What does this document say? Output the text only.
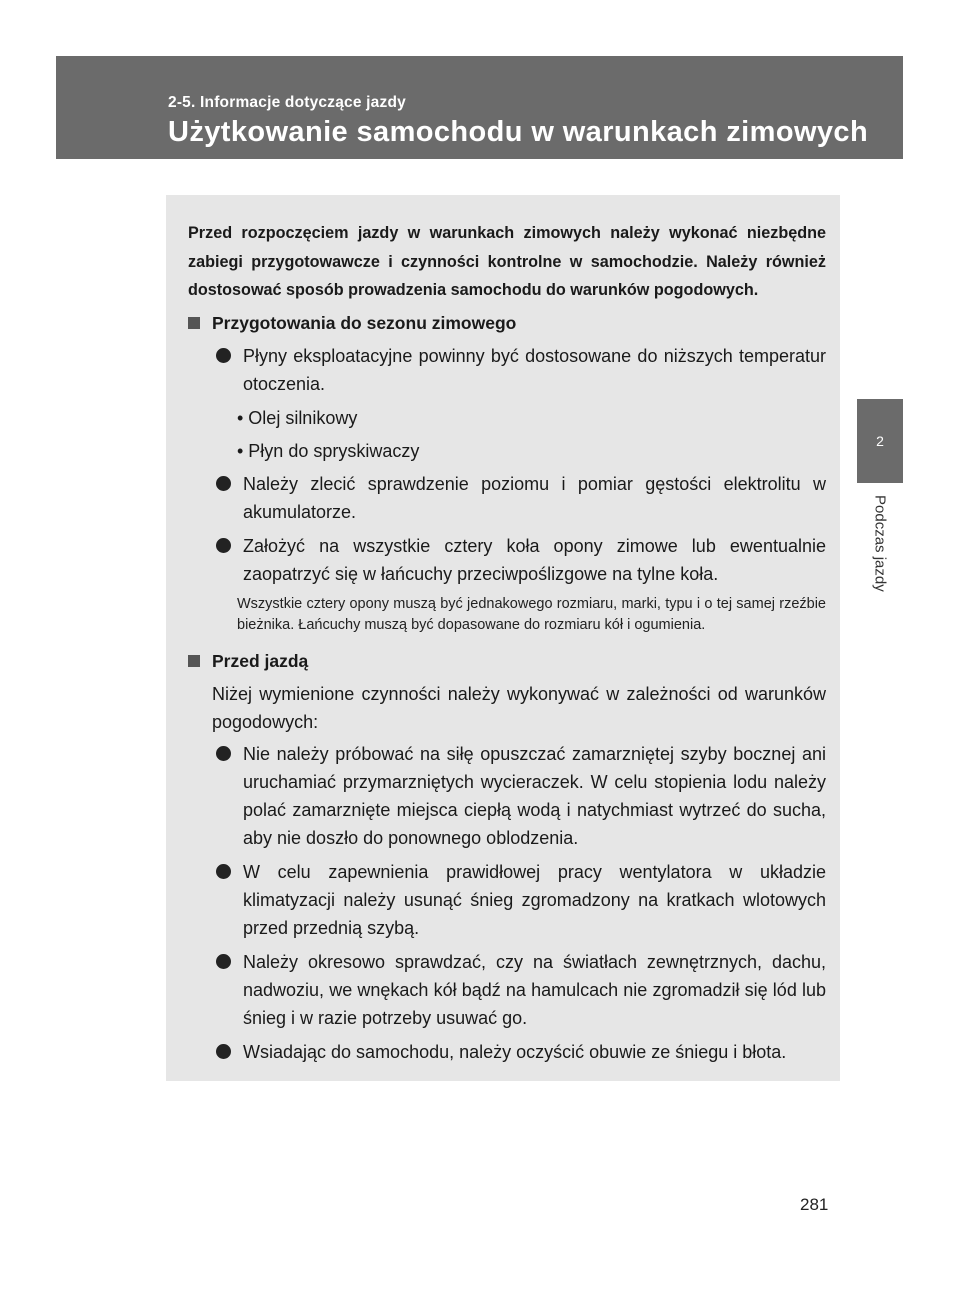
2-5. Informacje dotyczące jazdy
Użytkowanie samochodu w warunkach zimowych
2
Podczas jazdy

Przed rozpoczęciem jazdy w warunkach zimowych należy wykonać niezbędne zabiegi przygotowawcze i czynności kontrolne w samochodzie. Należy również dostosować sposób prowadzenia samochodu do warunków pogodowych.

Przygotowania do sezonu zimowego
Płyny eksploatacyjne powinny być dostosowane do niższych temperatur otoczenia.
• Olej silnikowy
• Płyn do spryskiwaczy
Należy zlecić sprawdzenie poziomu i pomiar gęstości elektrolitu w akumulatorze.
Założyć na wszystkie cztery koła opony zimowe lub ewentualnie zaopatrzyć się w łańcuchy przeciwpoślizgowe na tylne koła.
Wszystkie cztery opony muszą być jednakowego rozmiaru, marki, typu i o tej samej rzeźbie bieżnika. Łańcuchy muszą być dopasowane do rozmiaru kół i ogumienia.
Przed jazdą
Niżej wymienione czynności należy wykonywać w zależności od warunków pogodowych:
Nie należy próbować na siłę opuszczać zamarzniętej szyby bocznej ani uruchamiać przymarzniętych wycieraczek. W celu stopienia lodu należy polać zamarznięte miejsca ciepłą wodą i natychmiast wytrzeć do sucha, aby nie doszło do ponownego oblodzenia.
W celu zapewnienia prawidłowej pracy wentylatora w układzie klimatyzacji należy usunąć śnieg zgromadzony na kratkach wlotowych przed przednią szybą.
Należy okresowo sprawdzać, czy na światłach zewnętrznych, dachu, nadwoziu, we wnękach kół bądź na hamulcach nie zgromadził się lód lub śnieg i w razie potrzeby usuwać go.
Wsiadając do samochodu, należy oczyścić obuwie ze śniegu i błota.
281
